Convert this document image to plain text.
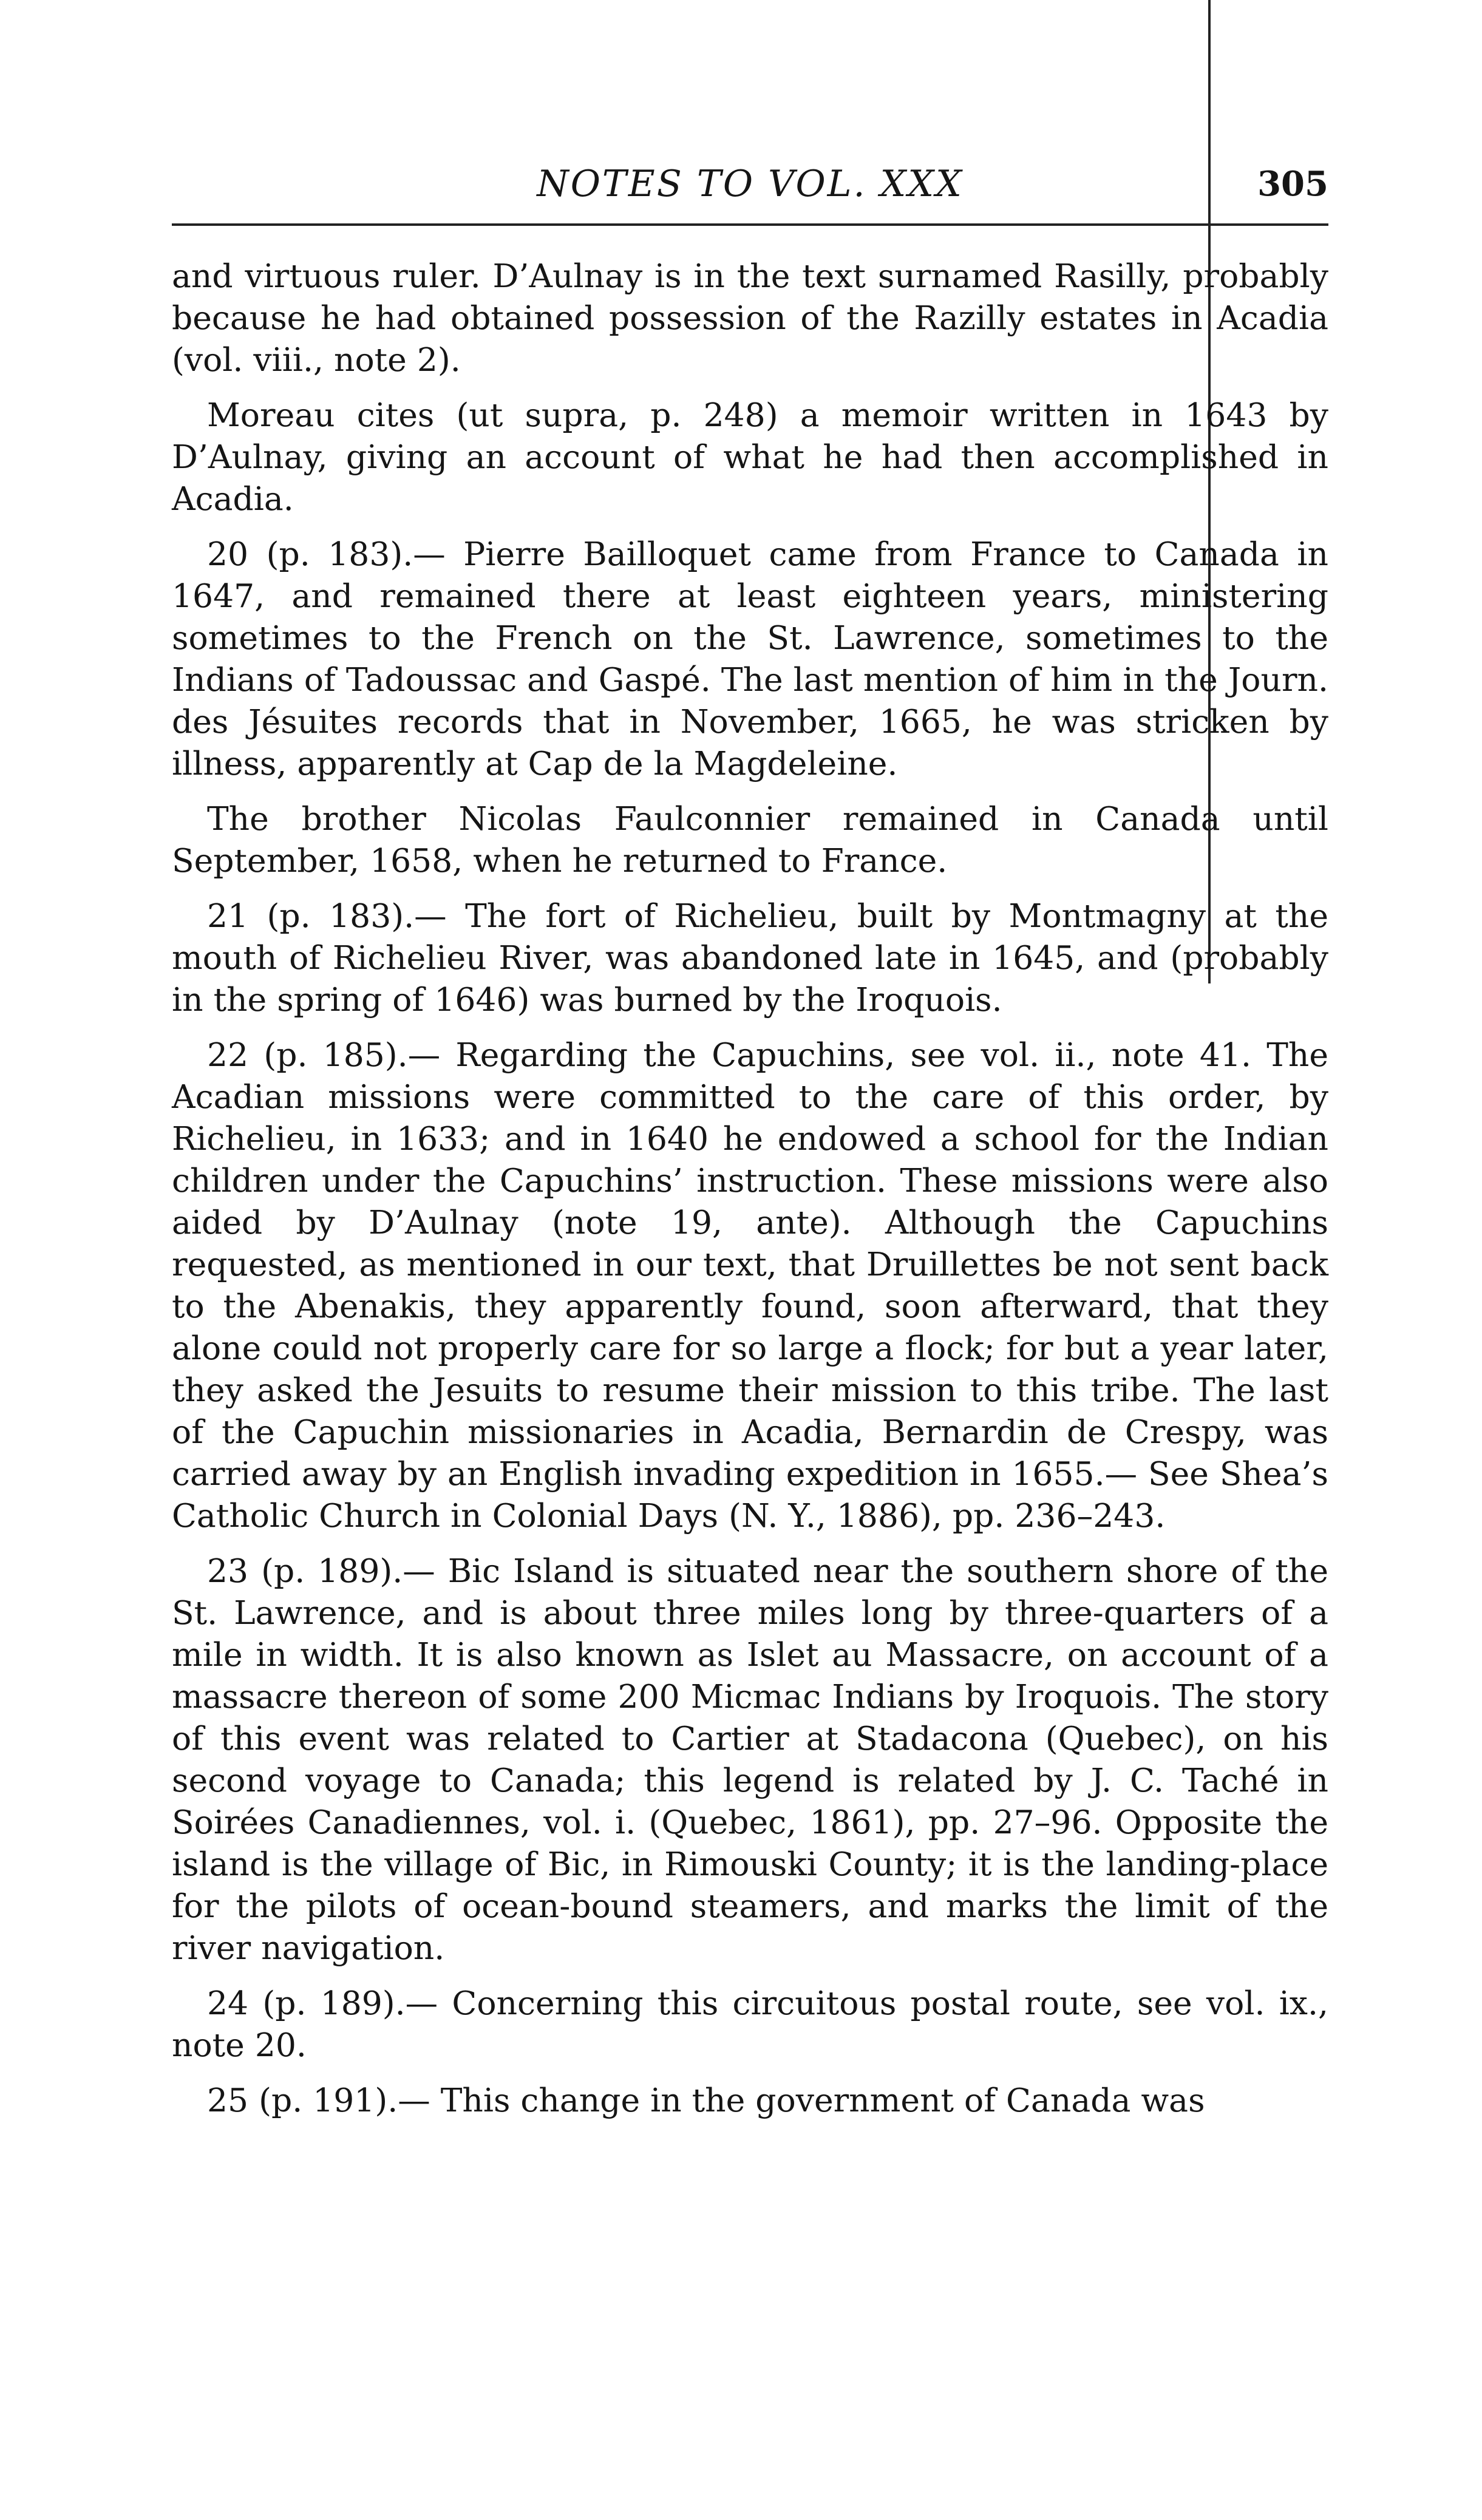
NOTES TO VOL. XXX	305

and virtuous ruler. D’Aulnay is in the text surnamed Rasilly, probably because he had obtained possession of the Razilly estates in Acadia (vol. viii., note 2).

Moreau cites (ut supra, p. 248) a memoir written in 1643 by D’Aulnay, giving an account of what he had then accomplished in Acadia.

20 (p. 183).— Pierre Bailloquet came from France to Canada in 1647, and remained there at least eighteen years, ministering sometimes to the French on the St. Lawrence, sometimes to the Indians of Tadoussac and Gaspé. The last mention of him in the Journ. des Jésuites records that in November, 1665, he was stricken by illness, apparently at Cap de la Magdeleine.

The brother Nicolas Faulconnier remained in Canada until September, 1658, when he returned to France.

21 (p. 183).— The fort of Richelieu, built by Montmagny at the mouth of Richelieu River, was abandoned late in 1645, and (probably in the spring of 1646) was burned by the Iroquois.

22 (p. 185).— Regarding the Capuchins, see vol. ii., note 41. The Acadian missions were committed to the care of this order, by Richelieu, in 1633; and in 1640 he endowed a school for the Indian children under the Capuchins’ instruction. These missions were also aided by D’Aulnay (note 19, ante). Although the Capuchins requested, as mentioned in our text, that Druillettes be not sent back to the Abenakis, they apparently found, soon afterward, that they alone could not properly care for so large a flock; for but a year later, they asked the Jesuits to resume their mission to this tribe. The last of the Capuchin missionaries in Acadia, Bernardin de Crespy, was carried away by an English invading expedition in 1655.— See Shea’s Catholic Church in Colonial Days (N. Y., 1886), pp. 236–243.

23 (p. 189).— Bic Island is situated near the southern shore of the St. Lawrence, and is about three miles long by three-quarters of a mile in width. It is also known as Islet au Massacre, on account of a massacre thereon of some 200 Micmac Indians by Iroquois. The story of this event was related to Cartier at Stadacona (Quebec), on his second voyage to Canada; this legend is related by J. C. Taché in Soirées Canadiennes, vol. i. (Quebec, 1861), pp. 27–96. Opposite the island is the village of Bic, in Rimouski County; it is the landing-place for the pilots of ocean-bound steamers, and marks the limit of the river navigation.

24 (p. 189).— Concerning this circuitous postal route, see vol. ix., note 20.

25 (p. 191).— This change in the government of Canada was
